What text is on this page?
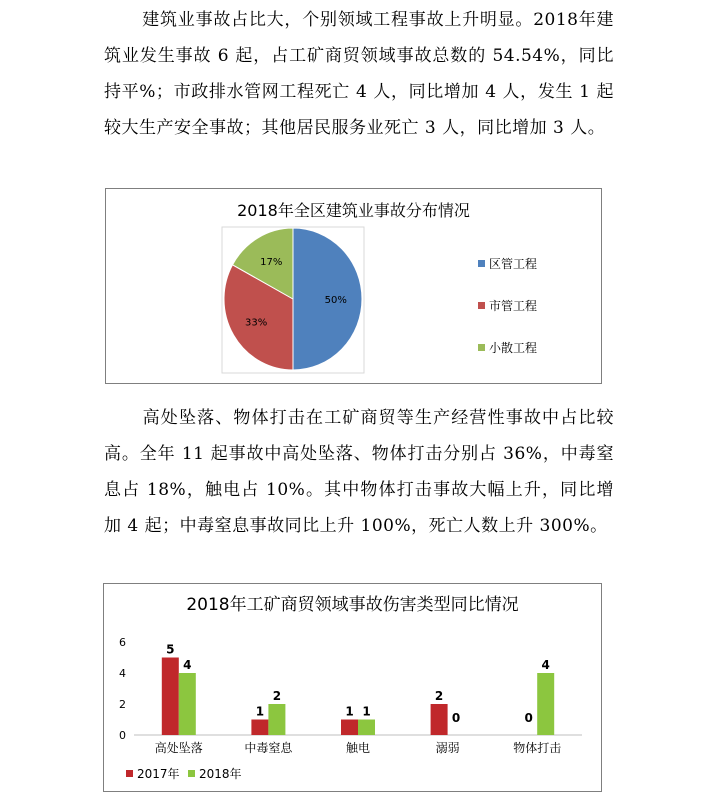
建筑业事故占比大，个别领域工程事故上升明显。2018年建筑业发生事故 6 起，占工矿商贸领域事故总数的 54.54%，同比持平%；市政排水管网工程死亡 4 人，同比增加 4 人，发生 1 起较大生产安全事故；其他居民服务业死亡 3 人，同比增加 3 人。
2018年全区建筑业事故分布情况
50%
区管工程
33%
市管工程
17%
小散工程
高处坠落、物体打击在工矿商贸等生产经营性事故中占比较高。全年 11 起事故中高处坠落、物体打击分别占 36%，中毒窒息占 18%，触电占 10%。其中物体打击事故大幅上升，同比增加 4 起；中毒窒息事故同比上升 100%，死亡人数上升 300%。
2018年工矿商贸领域事故伤害类型同比情况
0
2
4
6	5
4
高处坠落
1
2
中毒窒息
1 1
触电
2
0
溺弱
0
4
物体打击
2017年 2018年
